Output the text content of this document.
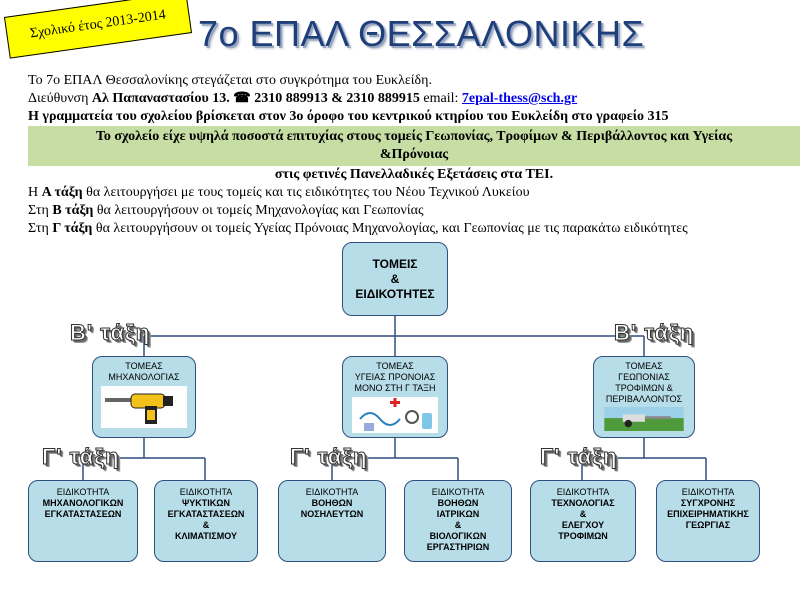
Σχολικό έτος 2013-2014 7ο ΕΠΑΛ ΘΕΣΣΑΛΟΝΙΚΗΣ
Το 7ο ΕΠΑΛ Θεσσαλονίκης στεγάζεται στο συγκρότημα του Ευκλείδη.
Διεύθυνση Αλ Παπαναστασίου 13. ☎ 2310 889913 & 2310 889915 email: 7epal-thess@sch.gr
Η γραμματεία του σχολείου βρίσκεται στον 3ο όροφο του κεντρικού κτηρίου του Ευκλείδη στο γραφείο 315
Το σχολείο είχε υψηλά ποσοστά επιτυχίας στους τομείς Γεωπονίας, Τροφίμων & Περιβάλλοντος και Υγείας
&Πρόνοιας
στις φετινές Πανελλαδικές Εξετάσεις στα ΤΕΙ.
Η Α τάξη θα λειτουργήσει με τους τομείς και τις ειδικότητες του Νέου Τεχνικού Λυκείου
Στη Β τάξη θα λειτουργήσουν οι τομείς Μηχανολογίας και Γεωπονίας
Στη Γ τάξη θα λειτουργήσουν οι τομείς Υγείας Πρόνοιας Μηχανολογίας, και Γεωπονίας με τις παρακάτω ειδικότητες
ΤΟΜΕΙΣ
&
ΕΙΔΙΚΟΤΗΤΕΣ
B' τάξη	B' τάξη
ΤΟΜΕΑΣ
ΜΗΧΑΝΟΛΟΓΙΑΣ
ΤΟΜΕΑΣ
ΥΓΕΙΑΣ ΠΡΟΝΟΙΑΣ
ΜΟΝΟ ΣΤΗ Γ ΤΑΞΗ
ΤΟΜΕΑΣ
ΓΕΩΠΟΝΙΑΣ
ΤΡΟΦΙΜΩΝ &
ΠΕΡΙΒΑΛΛΟΝΤΟΣ
Γ' τάξη	Γ' τάξη	Γ' τάξη
ΕΙΔΙΚΟΤΗΤΑ
ΜΗΧΑΝΟΛΟΓΙΚΩΝ
ΕΓΚΑΤΑΣΤΑΣΕΩΝ
ΕΙΔΙΚΟΤΗΤΑ
ΨΥΚΤΙΚΩΝ
ΕΓΚΑΤΑΣΤΑΣΕΩΝ
&
ΚΛΙΜΑΤΙΣΜΟΥ
ΕΙΔΙΚΟΤΗΤΑ
ΒΟΗΘΩΝ
ΝΟΣΗΛΕΥΤΩΝ
ΕΙΔΙΚΟΤΗΤΑ
ΒΟΗΘΩΝ
ΙΑΤΡΙΚΩΝ
&
ΒΙΟΛΟΓΙΚΩΝ
ΕΡΓΑΣΤΗΡΙΩΝ
ΕΙΔΙΚΟΤΗΤΑ
ΤΕΧΝΟΛΟΓΙΑΣ
&
ΕΛΕΓΧΟΥ
ΤΡΟΦΙΜΩΝ
ΕΙΔΙΚΟΤΗΤΑ
ΣΥΓΧΡΟΝΗΣ
ΕΠΙΧΕΙΡΗΜΑΤΙΚΗΣ
ΓΕΩΡΓΙΑΣ
